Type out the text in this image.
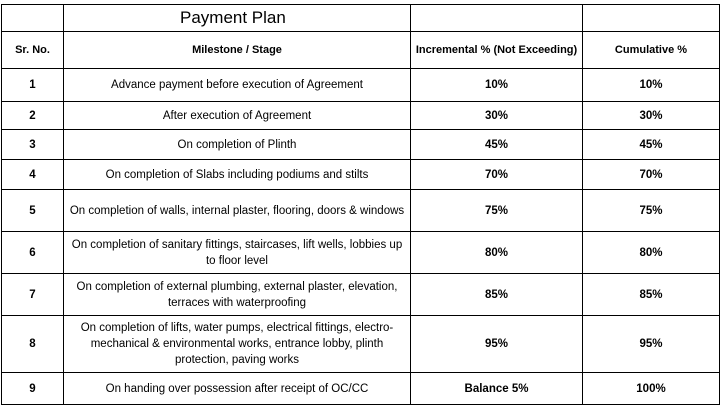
	Payment Plan		
Sr. No.	Milestone / Stage	Incremental % (Not Exceeding)	Cumulative %
1	Advance payment before execution of Agreement	10%	10%
2	After execution of Agreement	30%	30%
3	On completion of Plinth	45%	45%
4	On completion of Slabs including podiums and stilts	70%	70%
5	On completion of walls, internal plaster, flooring, doors & windows	75%	75%
6	On completion of sanitary fittings, staircases, lift wells, lobbies up to floor level	80%	80%
7	On completion of external plumbing, external plaster, elevation, terraces with waterproofing	85%	85%
8	On completion of lifts, water pumps, electrical fittings, electro-mechanical & environmental works, entrance lobby, plinth protection, paving works	95%	95%
9	On handing over possession after receipt of OC/CC	Balance 5%	100%
